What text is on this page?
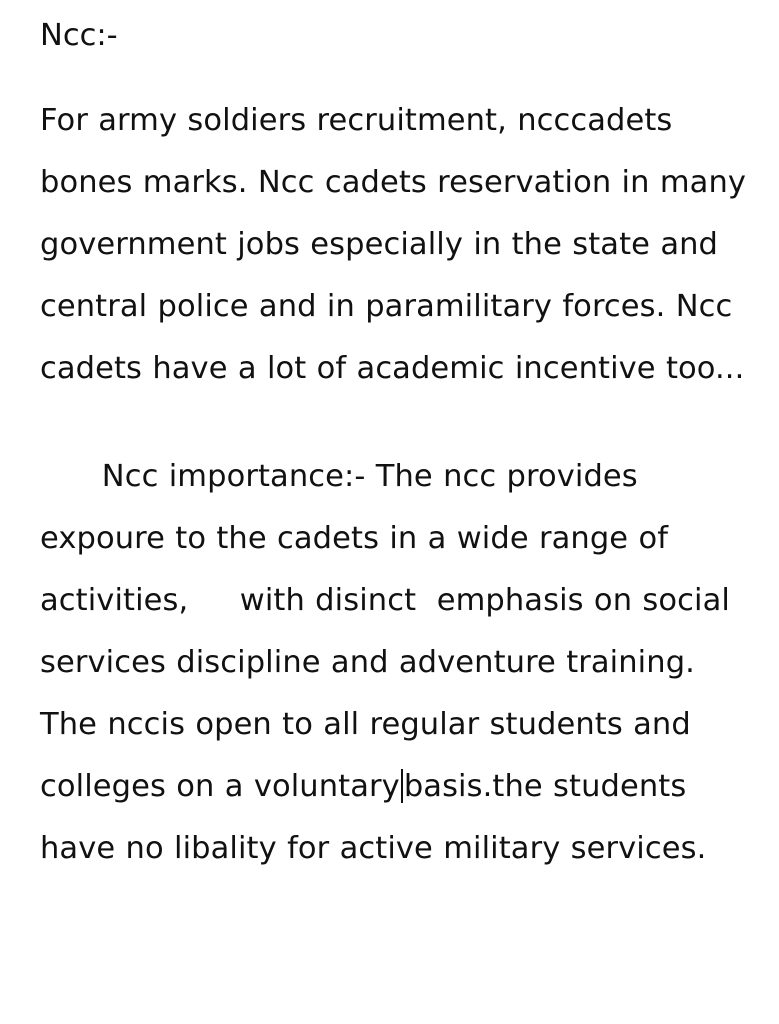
Ncc:-
For army soldiers recruitment, ncccadets bones marks. Ncc cadets reservation in many government jobs especially in the state and central police and in paramilitary forces. Ncc cadets have a lot of academic incentive too...
Ncc importance:- The ncc provides expoure to the cadets in a wide range of activities,     with disinct  emphasis on social services discipline and adventure training. The nccis open to all regular students and colleges on a voluntary basis.the students have no libality for active military services.
